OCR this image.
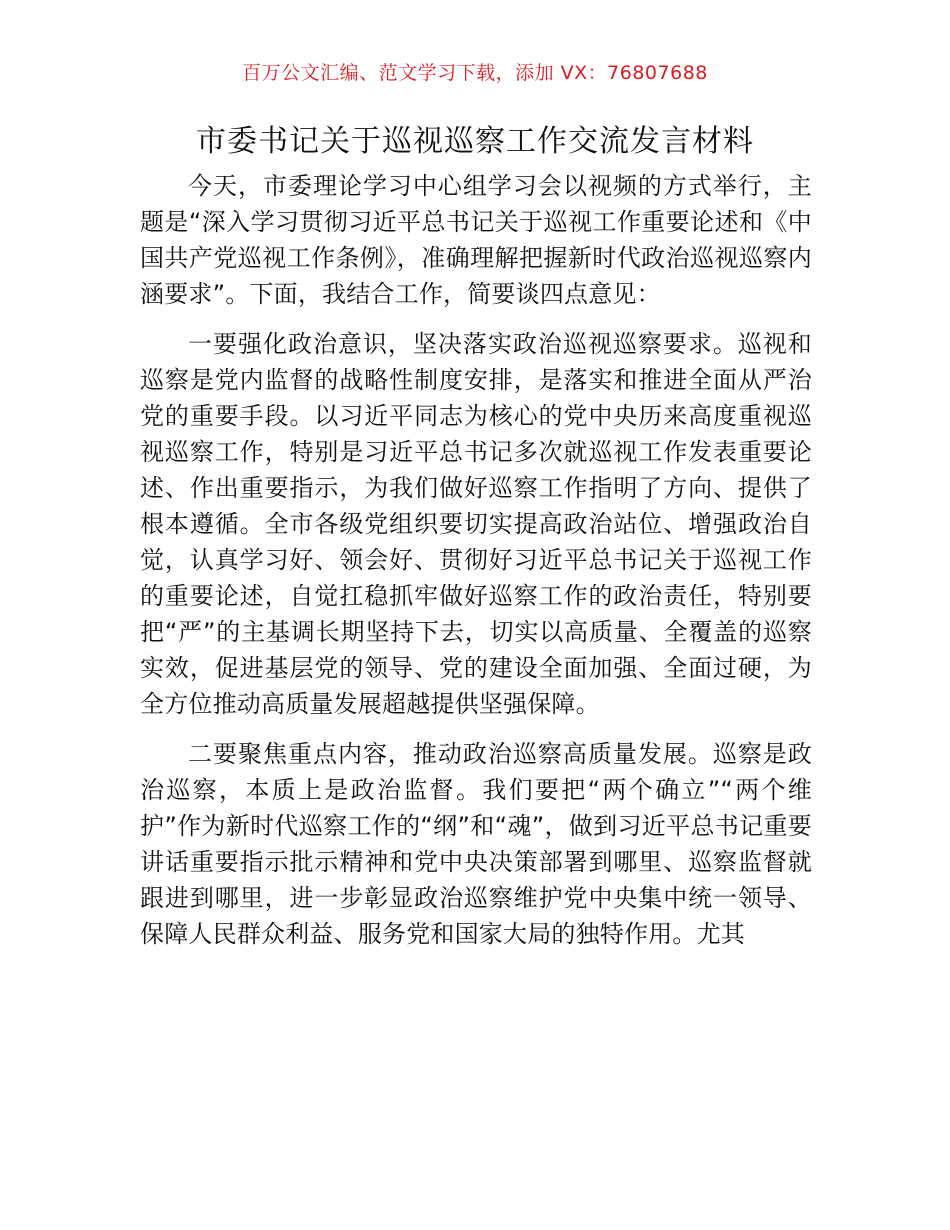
百万公文汇编、范文学习下载，添加 VX：76807688
市委书记关于巡视巡察工作交流发言材料

今天，市委理论学习中心组学习会以视频的方式举行，主题是“深入学习贯彻习近平总书记关于巡视工作重要论述和《中国共产党巡视工作条例》，准确理解把握新时代政治巡视巡察内涵要求”。下面，我结合工作，简要谈四点意见：

一要强化政治意识，坚决落实政治巡视巡察要求。巡视和巡察是党内监督的战略性制度安排，是落实和推进全面从严治党的重要手段。以习近平同志为核心的党中央历来高度重视巡视巡察工作，特别是习近平总书记多次就巡视工作发表重要论述、作出重要指示，为我们做好巡察工作指明了方向、提供了根本遵循。全市各级党组织要切实提高政治站位、增强政治自觉，认真学习好、领会好、贯彻好习近平总书记关于巡视工作的重要论述，自觉扛稳抓牢做好巡察工作的政治责任，特别要把“严”的主基调长期坚持下去，切实以高质量、全覆盖的巡察实效，促进基层党的领导、党的建设全面加强、全面过硬，为全方位推动高质量发展超越提供坚强保障。

二要聚焦重点内容，推动政治巡察高质量发展。巡察是政治巡察，本质上是政治监督。我们要把“两个确立”“两个维护”作为新时代巡察工作的“纲”和“魂”，做到习近平总书记重要讲话重要指示批示精神和党中央决策部署到哪里、巡察监督就跟进到哪里，进一步彰显政治巡察维护党中央集中统一领导、保障人民群众利益、服务党和国家大局的独特作用。尤其
